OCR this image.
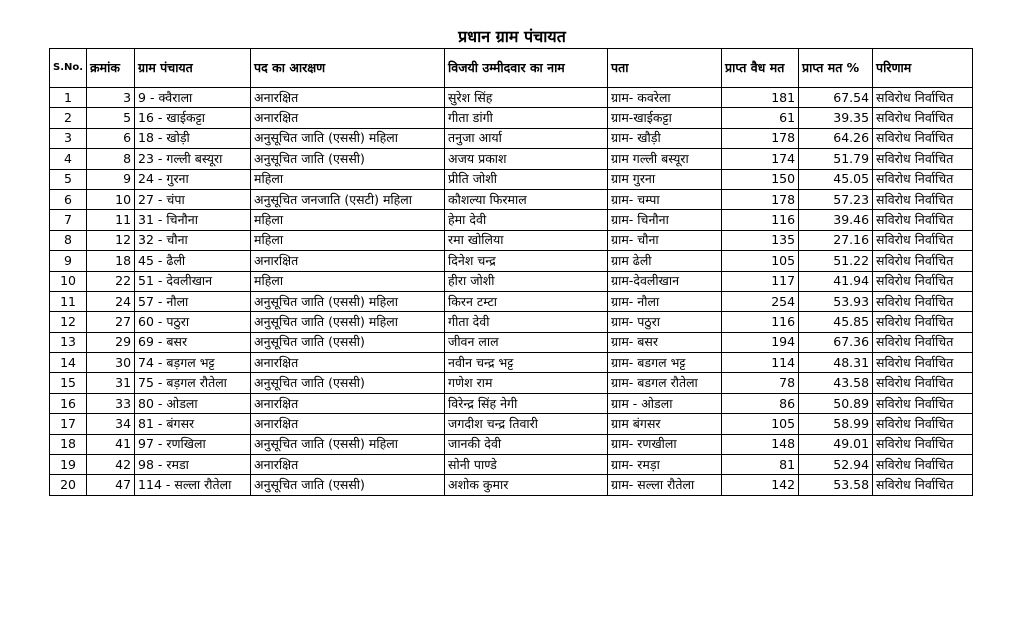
प्रधान ग्राम पंचायत
S.No.	क्रमांक	ग्राम पंचायत	पद का आरक्षण	विजयी उम्मीदवार का नाम	पता	प्राप्त वैध मत	प्राप्त मत %	परिणाम
1	3	9 - क्वैराला	अनारक्षित	सुरेश सिंह	ग्राम- कवरेला	181	67.54	सविरोध निर्वाचित
2	5	16 - खाईकट्टा	अनारक्षित	गीता डांगी	ग्राम-खाईकट्टा	61	39.35	सविरोध निर्वाचित
3	6	18 - खोड़ी	अनुसूचित जाति (एससी) महिला	तनुजा आर्या	ग्राम- खौड़ी	178	64.26	सविरोध निर्वाचित
4	8	23 - गल्ली बस्यूरा	अनुसूचित जाति (एससी)	अजय प्रकाश	ग्राम गल्ली बस्यूरा	174	51.79	सविरोध निर्वाचित
5	9	24 - गुरना	महिला	प्रीति जोशी	ग्राम गुरना	150	45.05	सविरोध निर्वाचित
6	10	27 - चंपा	अनुसूचित जनजाति (एसटी) महिला	कौशल्या फिरमाल	ग्राम- चम्पा	178	57.23	सविरोध निर्वाचित
7	11	31 - चिनौना	महिला	हेमा देवी	ग्राम- चिनौना	116	39.46	सविरोध निर्वाचित
8	12	32 - चौना	महिला	रमा खोलिया	ग्राम- चौना	135	27.16	सविरोध निर्वाचित
9	18	45 - ढैली	अनारक्षित	दिनेश चन्द्र	ग्राम ढेली	105	51.22	सविरोध निर्वाचित
10	22	51 - देवलीखान	महिला	हीरा जोशी	ग्राम-देवलीखान	117	41.94	सविरोध निर्वाचित
11	24	57 - नौला	अनुसूचित जाति (एससी) महिला	किरन टम्टा	ग्राम- नौला	254	53.93	सविरोध निर्वाचित
12	27	60 - पठुरा	अनुसूचित जाति (एससी) महिला	गीता देवी	ग्राम- पठुरा	116	45.85	सविरोध निर्वाचित
13	29	69 - बसर	अनुसूचित जाति (एससी)	जीवन लाल	ग्राम- बसर	194	67.36	सविरोध निर्वाचित
14	30	74 - बड़गल भट्ट	अनारक्षित	नवीन चन्द्र भट्ट	ग्राम- बडगल भट्ट	114	48.31	सविरोध निर्वाचित
15	31	75 - बड़गल रौतेला	अनुसूचित जाति (एससी)	गणेश राम	ग्राम- बडगल रौतेला	78	43.58	सविरोध निर्वाचित
16	33	80 - ओडला	अनारक्षित	विरेन्द्र सिंह नेगी	ग्राम - ओडला	86	50.89	सविरोध निर्वाचित
17	34	81 - बंगसर	अनारक्षित	जगदीश चन्द्र तिवारी	ग्राम बंगसर	105	58.99	सविरोध निर्वाचित
18	41	97 - रणखिला	अनुसूचित जाति (एससी) महिला	जानकी देवी	ग्राम- रणखीला	148	49.01	सविरोध निर्वाचित
19	42	98 - रमडा	अनारक्षित	सोनी पाण्डे	ग्राम- रमड़ा	81	52.94	सविरोध निर्वाचित
20	47	114 - सल्ला रौतेला	अनुसूचित जाति (एससी)	अशोक कुमार	ग्राम- सल्ला रौतेला	142	53.58	सविरोध निर्वाचित
